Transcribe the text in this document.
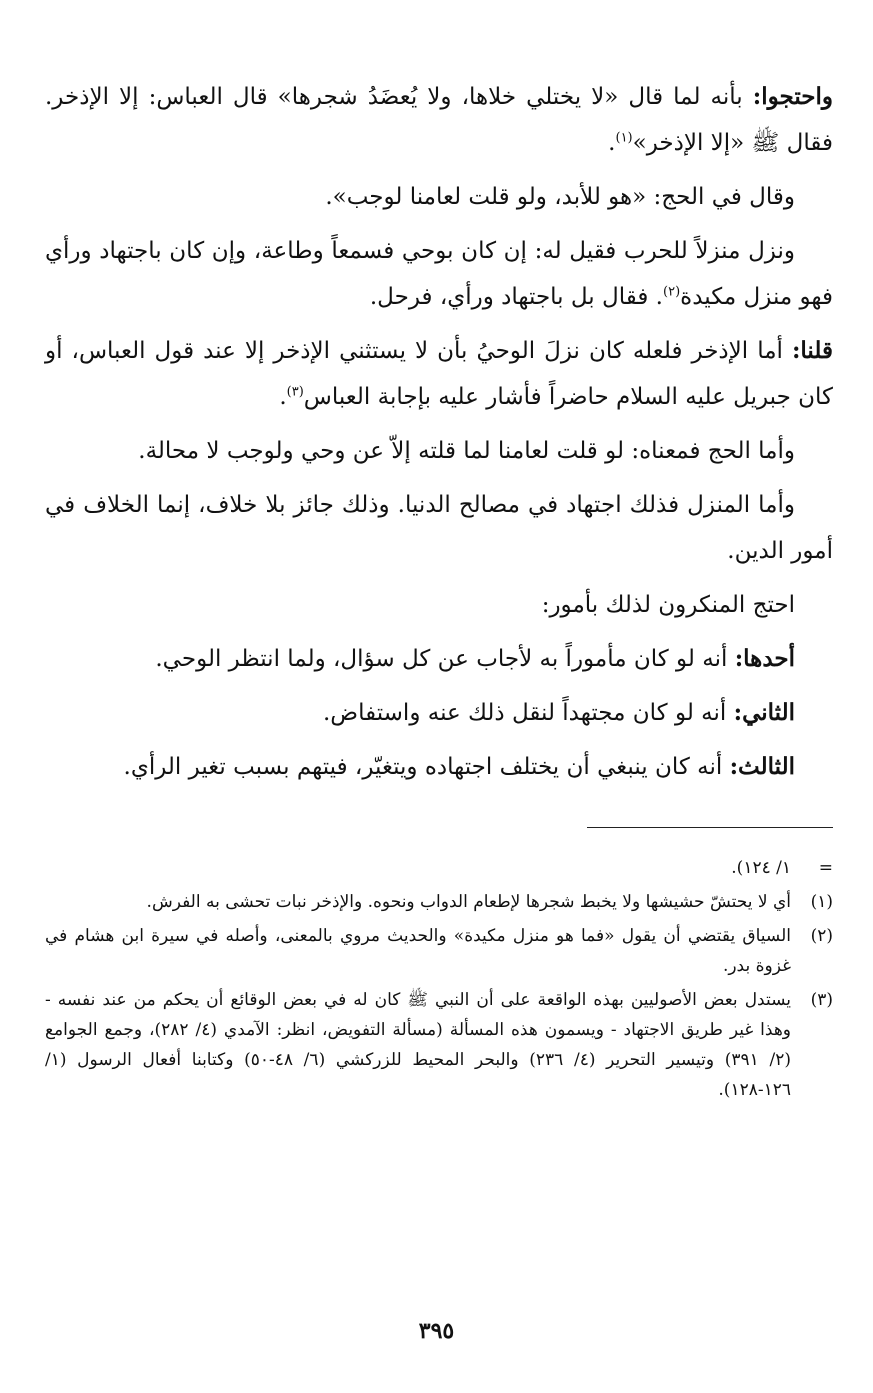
واحتجوا: بأنه لما قال «لا يختلي خلاها، ولا يُعضَدُ شجرها» قال العباس: إلا الإذخر. فقال ﷺ «إلا الإذخر»$^{(١)}$.

وقال في الحج: «هو للأبد، ولو قلت لعامنا لوجب».

ونزل منزلاً للحرب فقيل له: إن كان بوحي فسمعاً وطاعة، وإن كان باجتهاد ورأي فهو منزل مكيدة$^{(٢)}$. فقال بل باجتهاد ورأي، فرحل.

قلنا: أما الإذخر فلعله كان نزلَ الوحيُ بأن لا يستثني الإذخر إلا عند قول العباس، أو كان جبريل عليه السلام حاضراً فأشار عليه بإجابة العباس$^{(٣)}$.

وأما الحج فمعناه: لو قلت لعامنا لما قلته إلاّ عن وحي ولوجب لا محالة.

وأما المنزل فذلك اجتهاد في مصالح الدنيا. وذلك جائز بلا خلاف، إنما الخلاف في أمور الدين.

احتج المنكرون لذلك بأمور:

أحدها: أنه لو كان مأموراً به لأجاب عن كل سؤال، ولما انتظر الوحي.

الثاني: أنه لو كان مجتهداً لنقل ذلك عنه واستفاض.

الثالث: أنه كان ينبغي أن يختلف اجتهاده ويتغيّر، فيتهم بسبب تغير الرأي.

=
١/ ١٢٤).
(١)
أي لا يحتشّ حشيشها ولا يخبط شجرها لإطعام الدواب ونحوه. والإذخر نبات تحشى به الفرش.
(٢)
السياق يقتضي أن يقول «فما هو منزل مكيدة» والحديث مروي بالمعنى، وأصله في سيرة ابن هشام في غزوة بدر.
(٣)
يستدل بعض الأصوليين بهذه الواقعة على أن النبي ﷺ كان له في بعض الوقائع أن يحكم من عند نفسه - وهذا غير طريق الاجتهاد - ويسمون هذه المسألة (مسألة التفويض، انظر: الآمدي (٤/ ٢٨٢)، وجمع الجوامع (٢/ ٣٩١) وتيسير التحرير (٤/ ٢٣٦) والبحر المحيط للزركشي (٦/ ٤٨-٥٠) وكتابنا أفعال الرسول (١/ ١٢٦-١٢٨).
٣٩٥
